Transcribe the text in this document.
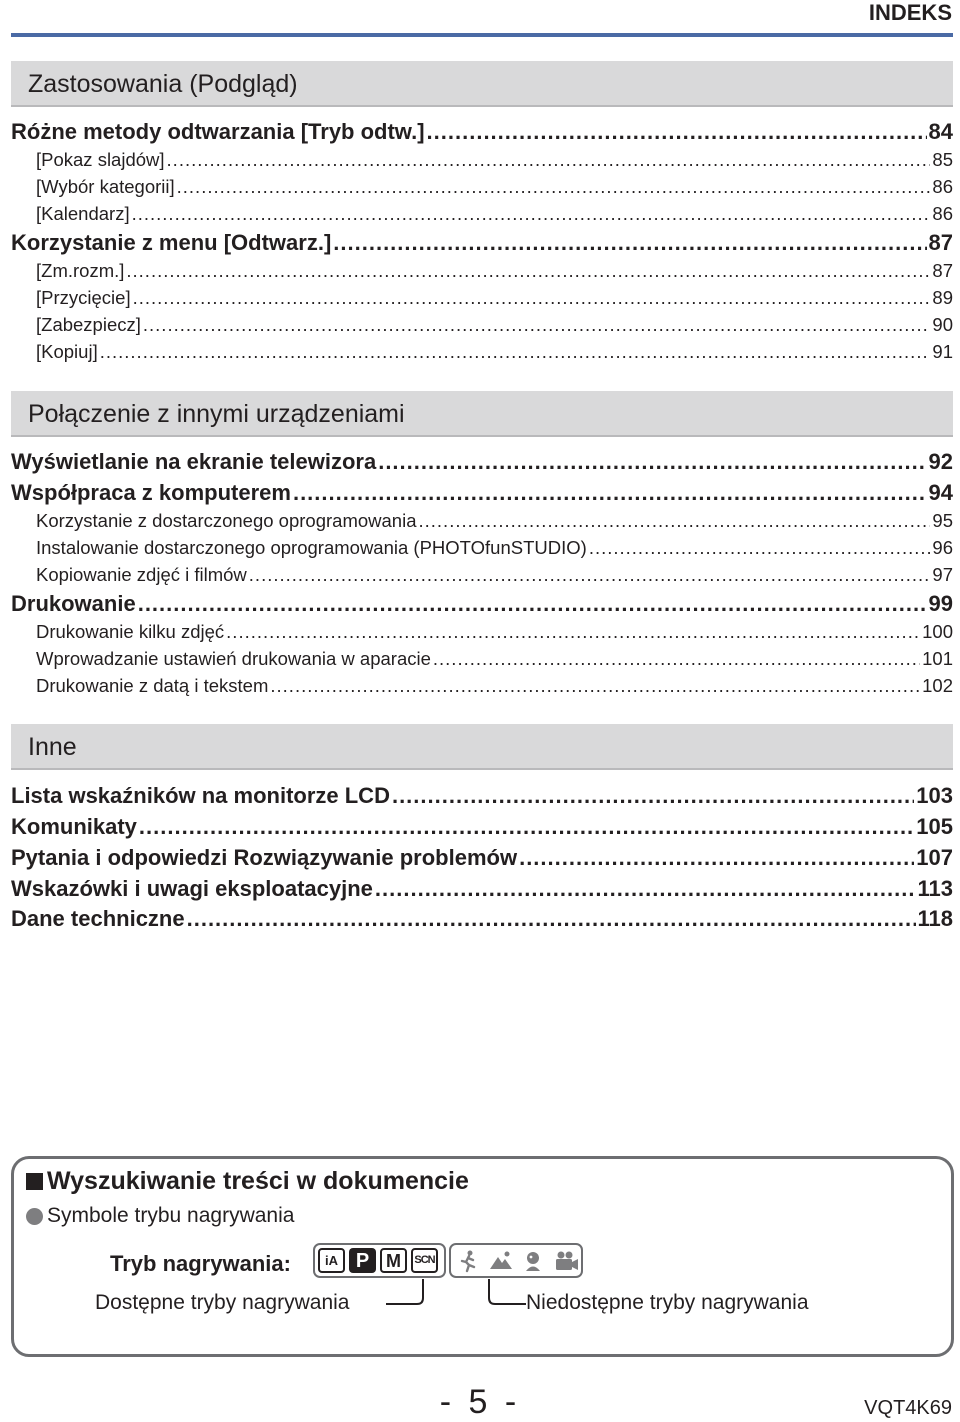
INDEKS
Zastosowania (Podgląd)
Różne metody odtwarzania [Tryb odtw.] .....	84
[Pokaz slajdów] .....	85
[Wybór kategorii] .....	86
[Kalendarz] .....	86
Korzystanie z menu [Odtwarz.] .....	87
[Zm.rozm.] .....	87
[Przycięcie] .....	89
[Zabezpiecz] .....	90
[Kopiuj] .....	91
Połączenie z innymi urządzeniami
Wyświetlanie na ekranie telewizora .....	92
Współpraca z komputerem .....	94
Korzystanie z dostarczonego oprogramowania .....	95
Instalowanie dostarczonego oprogramowania (PHOTOfunSTUDIO) .....	96
Kopiowanie zdjęć i filmów .....	97
Drukowanie .....	99
Drukowanie kilku zdjęć .....	100
Wprowadzanie ustawień drukowania w aparacie .....	101
Drukowanie z datą i tekstem .....	102
Inne
Lista wskaźników na monitorze LCD .....	103
Komunikaty .....	105
Pytania i odpowiedzi Rozwiązywanie problemów .....	107
Wskazówki i uwagi eksploatacyjne .....	113
Dane techniczne .....	118
Wyszukiwanie treści w dokumencie
Symbole trybu nagrywania
Tryb nagrywania:	iA P M	SCN
Dostępne tryby nagrywania	Niedostępne tryby nagrywania
- 5 -	VQT4K69
